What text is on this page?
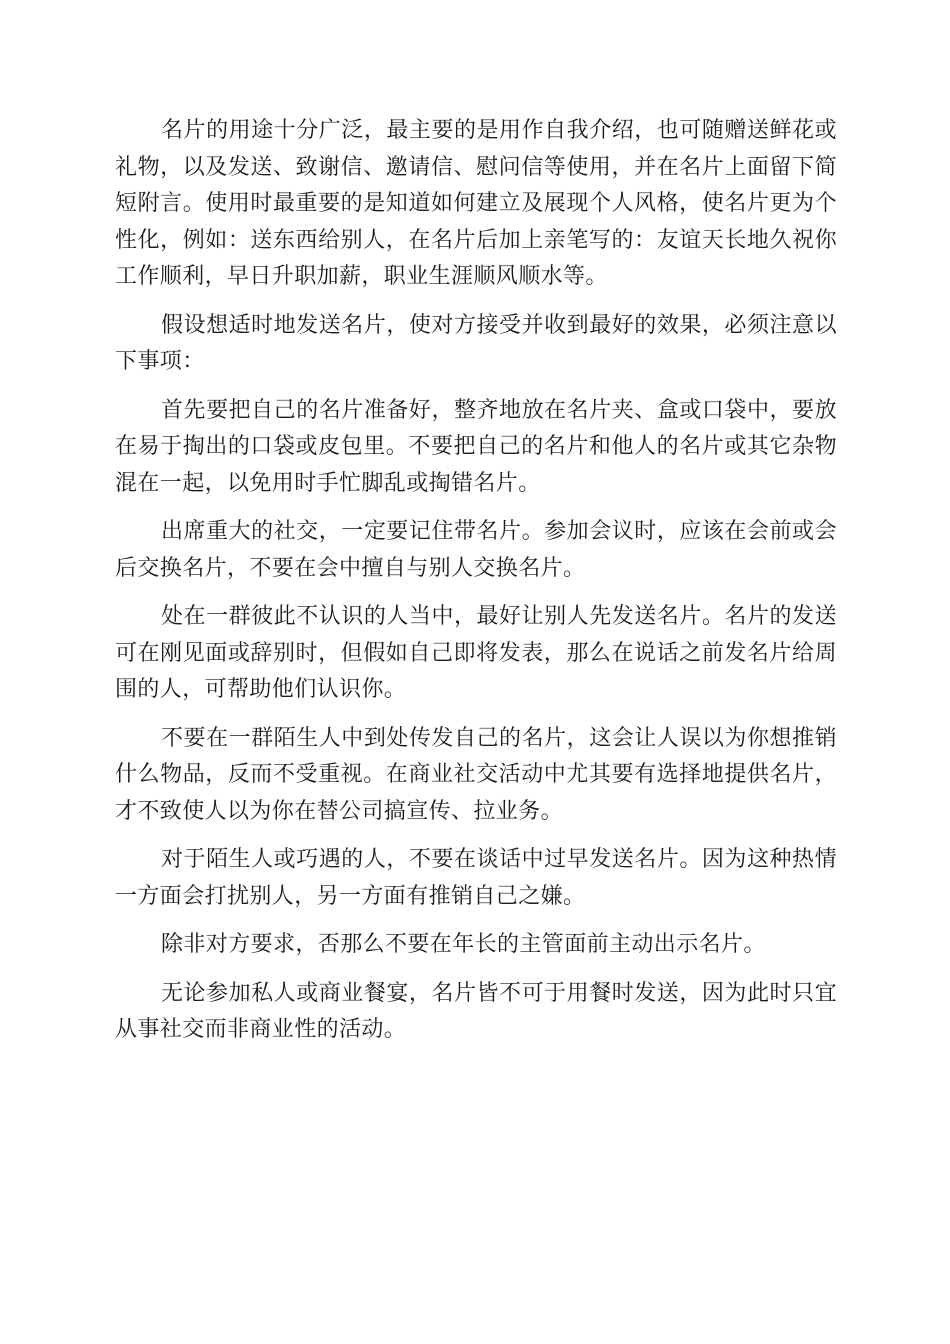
名片的用途十分广泛，最主要的是用作自我介绍，也可随赠送鲜花或礼物，以及发送、致谢信、邀请信、慰问信等使用，并在名片上面留下简短附言。使用时最重要的是知道如何建立及展现个人风格，使名片更为个性化，例如：送东西给别人，在名片后加上亲笔写的：友谊天长地久祝你工作顺利，早日升职加薪，职业生涯顺风顺水等。

假设想适时地发送名片，使对方接受并收到最好的效果，必须注意以下事项：

首先要把自己的名片准备好，整齐地放在名片夹、盒或口袋中，要放在易于掏出的口袋或皮包里。不要把自己的名片和他人的名片或其它杂物混在一起，以免用时手忙脚乱或掏错名片。

出席重大的社交，一定要记住带名片。参加会议时，应该在会前或会后交换名片，不要在会中擅自与别人交换名片。

处在一群彼此不认识的人当中，最好让别人先发送名片。名片的发送可在刚见面或辞别时，但假如自己即将发表，那么在说话之前发名片给周围的人，可帮助他们认识你。

不要在一群陌生人中到处传发自己的名片，这会让人误以为你想推销什么物品，反而不受重视。在商业社交活动中尤其要有选择地提供名片，才不致使人以为你在替公司搞宣传、拉业务。

对于陌生人或巧遇的人，不要在谈话中过早发送名片。因为这种热情一方面会打扰别人，另一方面有推销自己之嫌。

除非对方要求，否那么不要在年长的主管面前主动出示名片。

无论参加私人或商业餐宴，名片皆不可于用餐时发送，因为此时只宜从事社交而非商业性的活动。
